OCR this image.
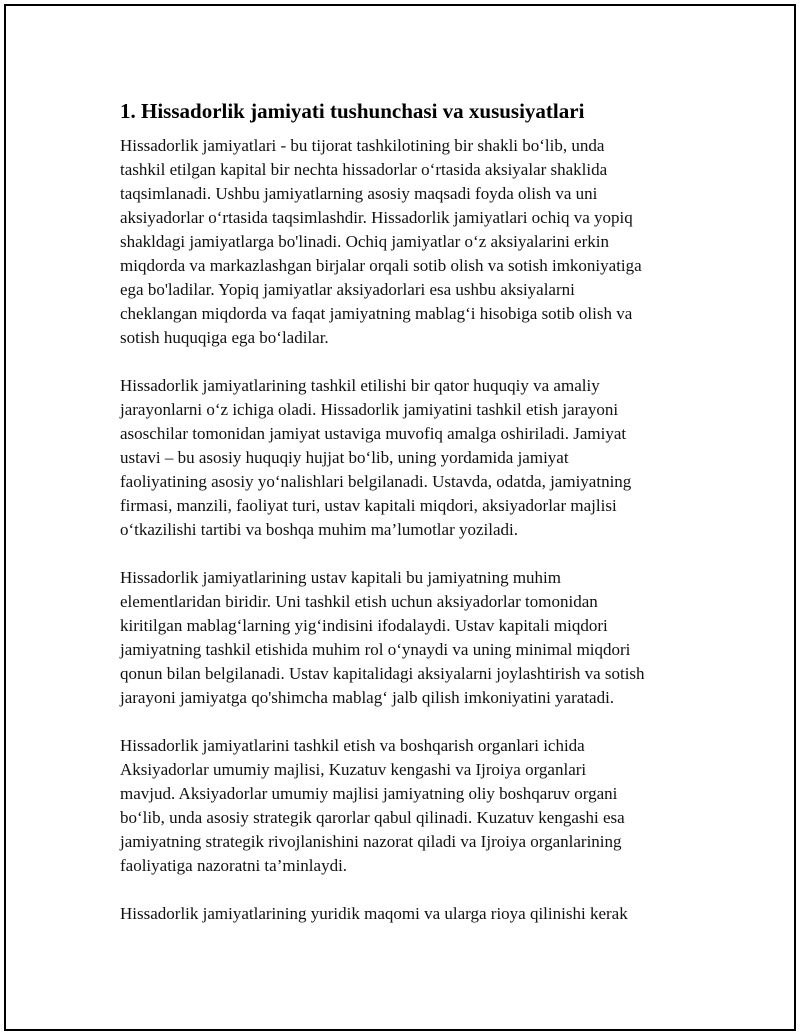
1. Hissadorlik jamiyati tushunchasi va xususiyatlari

Hissadorlik jamiyatlari - bu tijorat tashkilotining bir shakli bo‘lib, unda
tashkil etilgan kapital bir nechta hissadorlar o‘rtasida aksiyalar shaklida
taqsimlanadi. Ushbu jamiyatlarning asosiy maqsadi foyda olish va uni
aksiyadorlar o‘rtasida taqsimlashdir. Hissadorlik jamiyatlari ochiq va yopiq
shakldagi jamiyatlarga bo'linadi. Ochiq jamiyatlar o‘z aksiyalarini erkin
miqdorda va markazlashgan birjalar orqali sotib olish va sotish imkoniyatiga
ega bo'ladilar. Yopiq jamiyatlar aksiyadorlari esa ushbu aksiyalarni
cheklangan miqdorda va faqat jamiyatning mablag‘i hisobiga sotib olish va
sotish huquqiga ega bo‘ladilar.

Hissadorlik jamiyatlarining tashkil etilishi bir qator huquqiy va amaliy
jarayonlarni o‘z ichiga oladi. Hissadorlik jamiyatini tashkil etish jarayoni
asoschilar tomonidan jamiyat ustaviga muvofiq amalga oshiriladi. Jamiyat
ustavi – bu asosiy huquqiy hujjat bo‘lib, uning yordamida jamiyat
faoliyatining asosiy yo‘nalishlari belgilanadi. Ustavda, odatda, jamiyatning
firmasi, manzili, faoliyat turi, ustav kapitali miqdori, aksiyadorlar majlisi
o‘tkazilishi tartibi va boshqa muhim ma’lumotlar yoziladi.

Hissadorlik jamiyatlarining ustav kapitali bu jamiyatning muhim
elementlaridan biridir. Uni tashkil etish uchun aksiyadorlar tomonidan
kiritilgan mablag‘larning yig‘indisini ifodalaydi. Ustav kapitali miqdori
jamiyatning tashkil etishida muhim rol o‘ynaydi va uning minimal miqdori
qonun bilan belgilanadi. Ustav kapitalidagi aksiyalarni joylashtirish va sotish
jarayoni jamiyatga qo'shimcha mablag‘ jalb qilish imkoniyatini yaratadi.

Hissadorlik jamiyatlarini tashkil etish va boshqarish organlari ichida
Aksiyadorlar umumiy majlisi, Kuzatuv kengashi va Ijroiya organlari
mavjud. Aksiyadorlar umumiy majlisi jamiyatning oliy boshqaruv organi
bo‘lib, unda asosiy strategik qarorlar qabul qilinadi. Kuzatuv kengashi esa
jamiyatning strategik rivojlanishini nazorat qiladi va Ijroiya organlarining
faoliyatiga nazoratni ta’minlaydi.

Hissadorlik jamiyatlarining yuridik maqomi va ularga rioya qilinishi kerak
